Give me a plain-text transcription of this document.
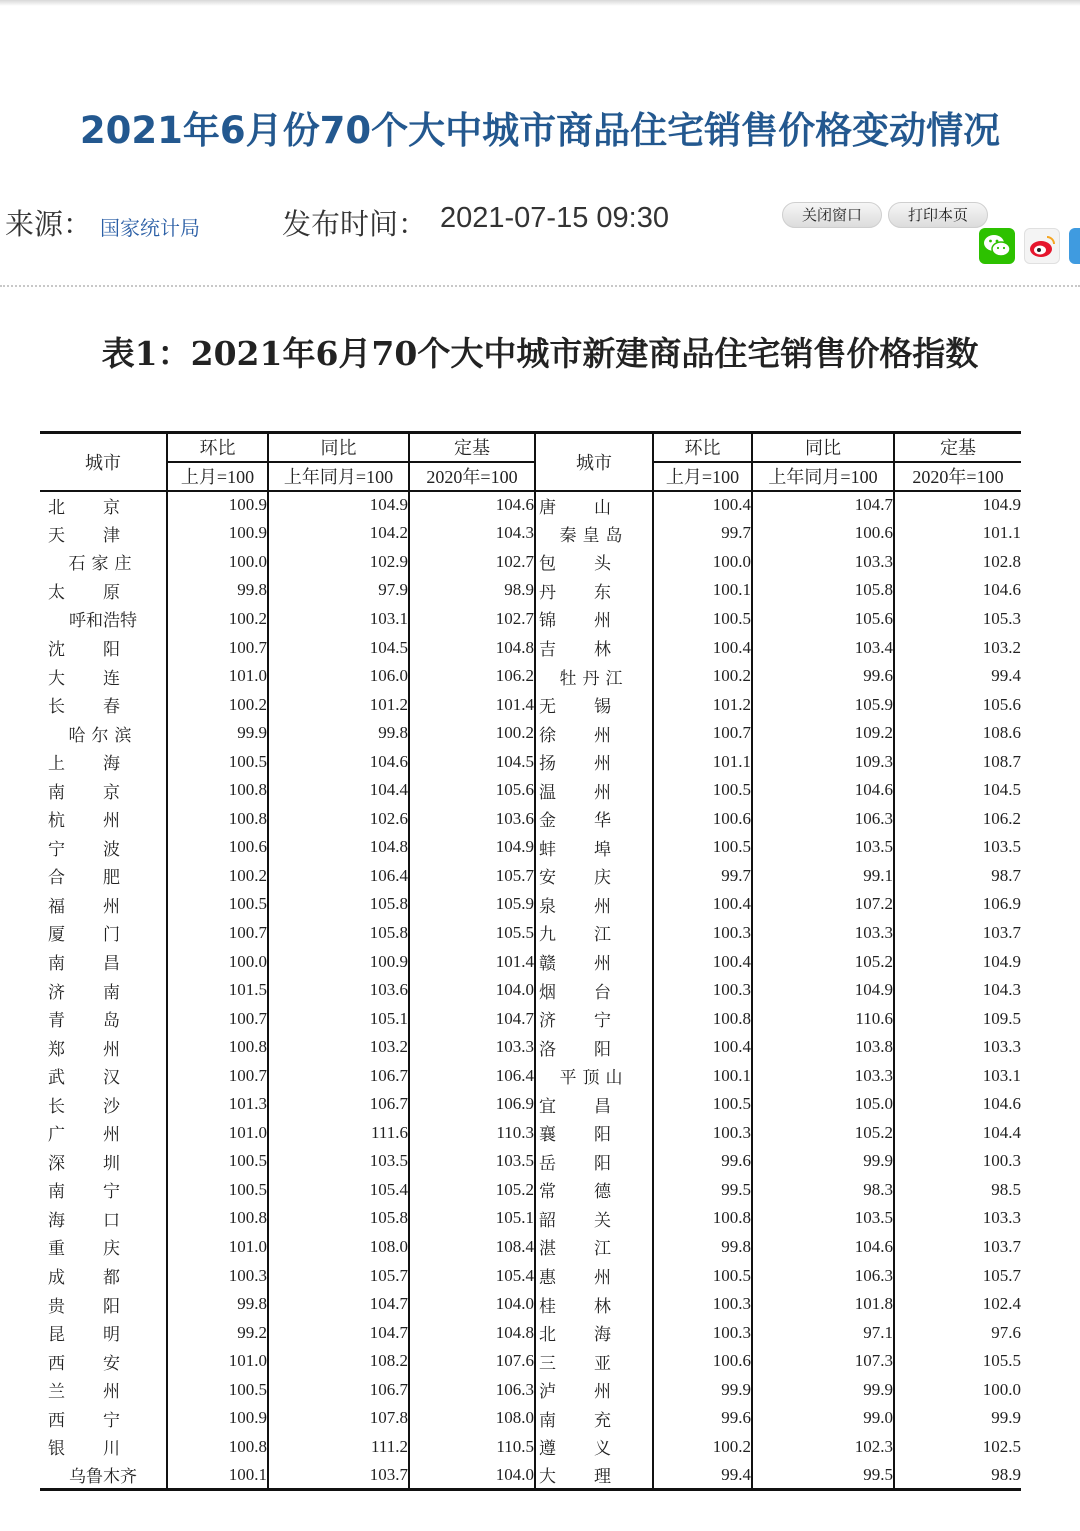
2021年6月份70个大中城市商品住宅销售价格变动情况
来源： 国家统计局	发布时间： 2021-07-15 09:30	关闭窗口	打印本页
表1：2021年6月70个大中城市新建商品住宅销售价格指数
城市	环比	同比	定基	城市	环比	同比	定基
	上月=100	上年同月=100	2020年=100		上月=100	上年同月=100	2020年=100
北京	100.9	104.9	104.6	唐山	100.4	104.7	104.9
天津	100.9	104.2	104.3	秦皇岛	99.7	100.6	101.1
石家庄	100.0	102.9	102.7	包头	100.0	103.3	102.8
太原	99.8	97.9	98.9	丹东	100.1	105.8	104.6
呼和浩特	100.2	103.1	102.7	锦州	100.5	105.6	105.3
沈阳	100.7	104.5	104.8	吉林	100.4	103.4	103.2
大连	101.0	106.0	106.2	牡丹江	100.2	99.6	99.4
长春	100.2	101.2	101.4	无锡	101.2	105.9	105.6
哈尔滨	99.9	99.8	100.2	徐州	100.7	109.2	108.6
上海	100.5	104.6	104.5	扬州	101.1	109.3	108.7
南京	100.8	104.4	105.6	温州	100.5	104.6	104.5
杭州	100.8	102.6	103.6	金华	100.6	106.3	106.2
宁波	100.6	104.8	104.9	蚌埠	100.5	103.5	103.5
合肥	100.2	106.4	105.7	安庆	99.7	99.1	98.7
福州	100.5	105.8	105.9	泉州	100.4	107.2	106.9
厦门	100.7	105.8	105.5	九江	100.3	103.3	103.7
南昌	100.0	100.9	101.4	赣州	100.4	105.2	104.9
济南	101.5	103.6	104.0	烟台	100.3	104.9	104.3
青岛	100.7	105.1	104.7	济宁	100.8	110.6	109.5
郑州	100.8	103.2	103.3	洛阳	100.4	103.8	103.3
武汉	100.7	106.7	106.4	平顶山	100.1	103.3	103.1
长沙	101.3	106.7	106.9	宜昌	100.5	105.0	104.6
广州	101.0	111.6	110.3	襄阳	100.3	105.2	104.4
深圳	100.5	103.5	103.5	岳阳	99.6	99.9	100.3
南宁	100.5	105.4	105.2	常德	99.5	98.3	98.5
海口	100.8	105.8	105.1	韶关	100.8	103.5	103.3
重庆	101.0	108.0	108.4	湛江	99.8	104.6	103.7
成都	100.3	105.7	105.4	惠州	100.5	106.3	105.7
贵阳	99.8	104.7	104.0	桂林	100.3	101.8	102.4
昆明	99.2	104.7	104.8	北海	100.3	97.1	97.6
西安	101.0	108.2	107.6	三亚	100.6	107.3	105.5
兰州	100.5	106.7	106.3	泸州	99.9	99.9	100.0
西宁	100.9	107.8	108.0	南充	99.6	99.0	99.9
银川	100.8	111.2	110.5	遵义	100.2	102.3	102.5
乌鲁木齐	100.1	103.7	104.0	大理	99.4	99.5	98.9
